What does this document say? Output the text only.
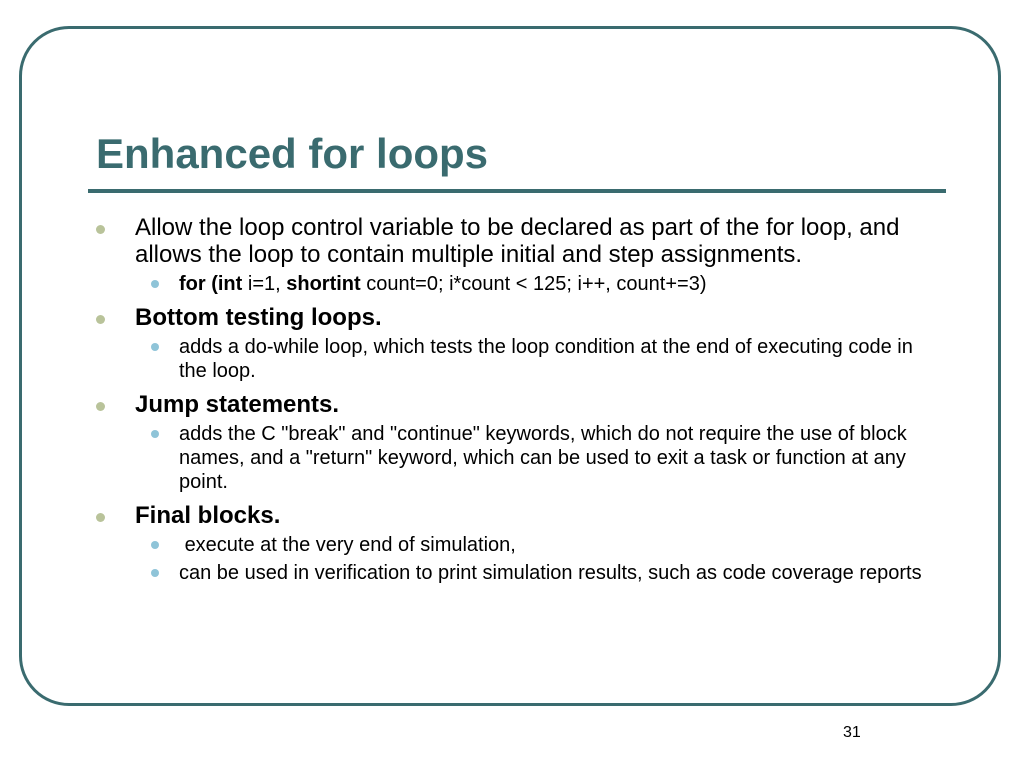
Enhanced for loops
Allow the loop control variable to be declared as part of the for loop, and allows the loop to contain multiple initial and step assignments.
for (int i=1, shortint count=0; i*count < 125; i++, count+=3)
Bottom testing loops.
adds a do-while loop, which tests the loop condition at the end of executing code in the loop.
Jump statements.
adds the C "break" and "continue" keywords, which do not require the use of block names, and a "return" keyword, which can be used to exit a task or function at any point.
Final blocks.
execute at the very end of simulation,
can be used in verification to print simulation results, such as code coverage reports
31
